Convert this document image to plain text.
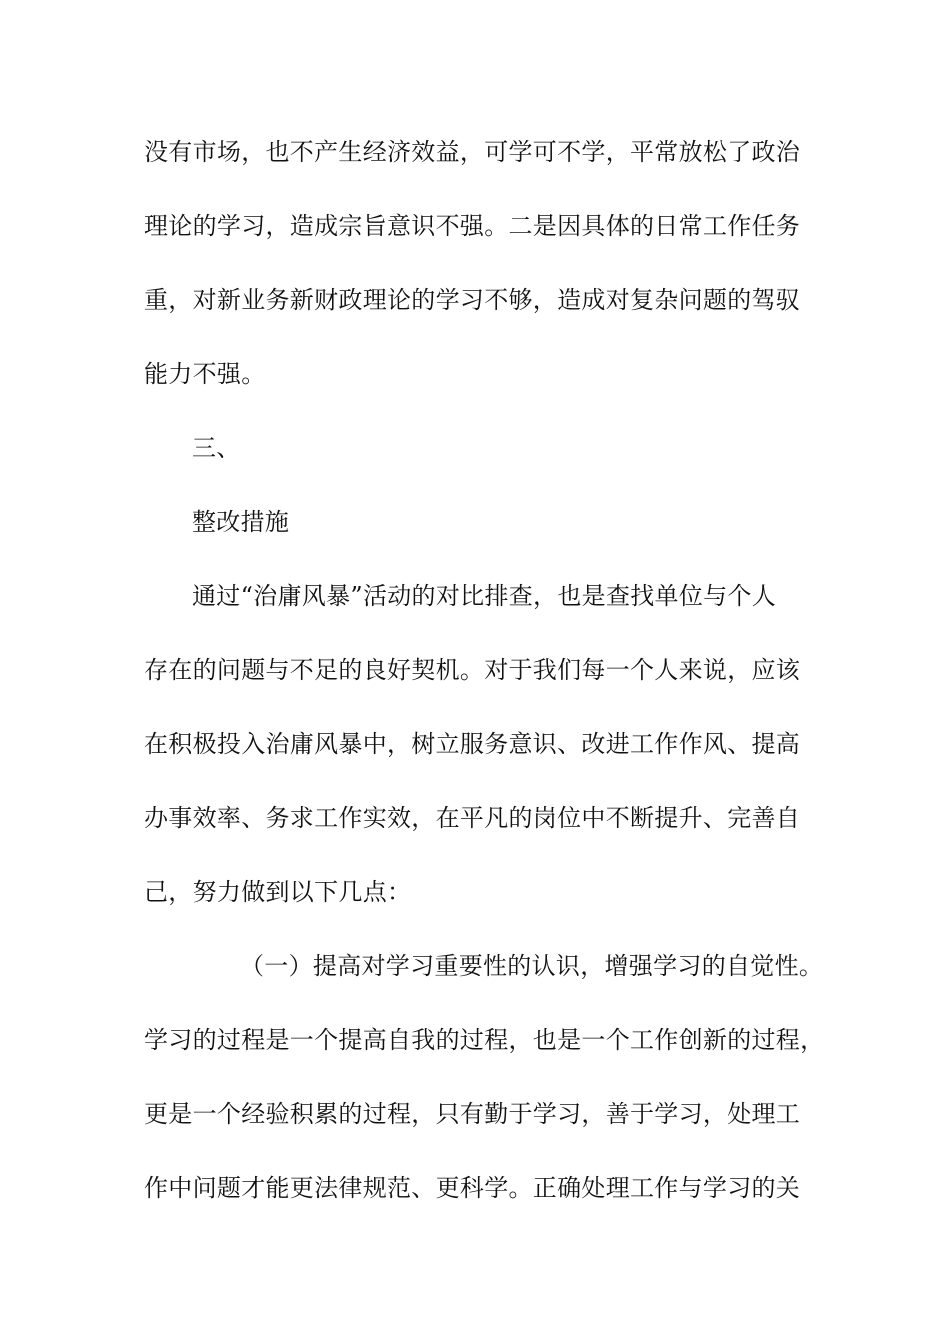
没有市场，也不产生经济效益，可学可不学，平常放松了政治
理论的学习，造成宗旨意识不强。二是因具体的日常工作任务
重，对新业务新财政理论的学习不够，造成对复杂问题的驾驭
能力不强。
三、
整改措施
通过“治庸风暴”活动的对比排查，也是查找单位与个人
存在的问题与不足的良好契机。对于我们每一个人来说，应该
在积极投入治庸风暴中，树立服务意识、改进工作作风、提高
办事效率、务求工作实效，在平凡的岗位中不断提升、完善自
己，努力做到以下几点：
（一）提高对学习重要性的认识，增强学习的自觉性。
学习的过程是一个提高自我的过程，也是一个工作创新的过程，
更是一个经验积累的过程，只有勤于学习，善于学习，处理工
作中问题才能更法律规范、更科学。正确处理工作与学习的关
